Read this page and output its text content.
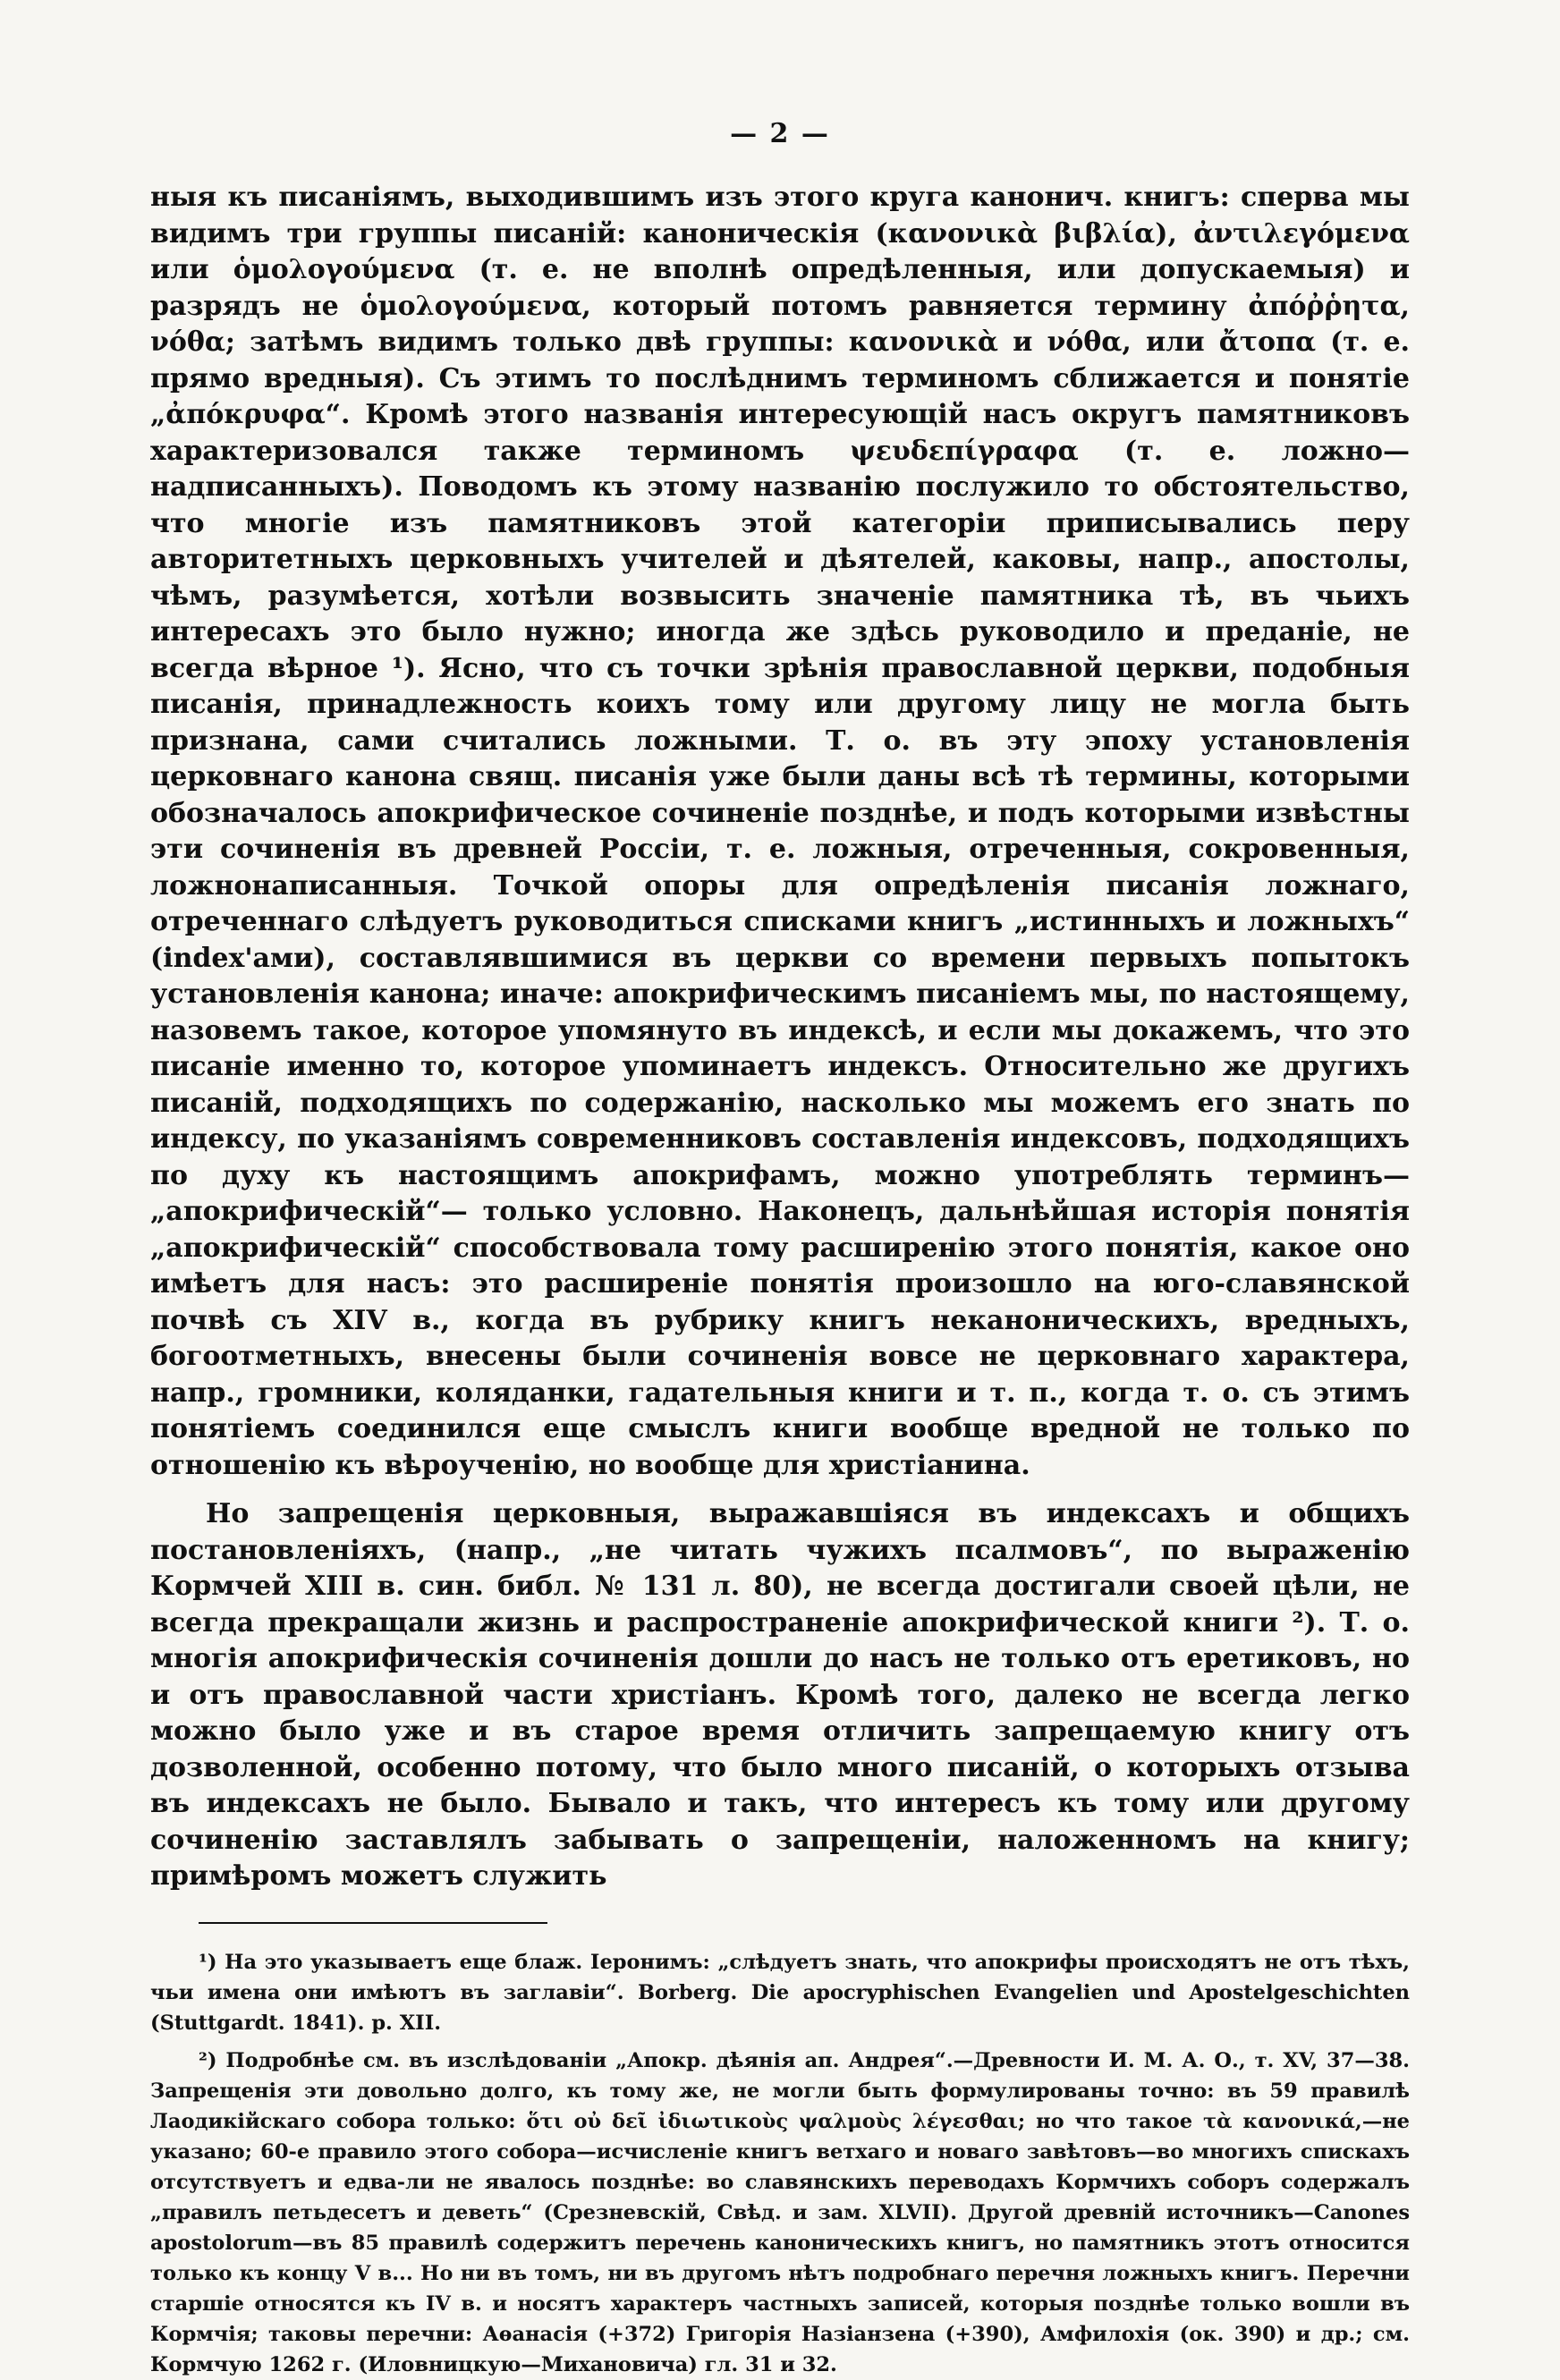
— 2 —

ныя къ писаніямъ, выходившимъ изъ этого круга канонич. книгъ: сперва мы видимъ три группы писаній: каноническія (κανονικὰ βιβλία), ἀντιλεγόμενα или ὁμολογούμενα (т. е. не вполнѣ опредѣленныя, или допускаемыя) и разрядъ не ὁμολογούμενα, который потомъ равняется термину ἀπόῤῥητα, νόθα; затѣмъ видимъ только двѣ группы: κανονικὰ и νόθα, или ἄτοπα (т. е. прямо вредныя). Съ этимъ то послѣднимъ терминомъ сближается и понятіе „ἀπόκρυφα“. Кромѣ этого названія интересующій насъ округъ памятниковъ характеризовался также терминомъ ψευδεπίγραφα (т. е. ложно—надписанныхъ). Поводомъ къ этому названію послужило то обстоятельство, что многіе изъ памятниковъ этой категоріи приписывались перу авторитетныхъ церковныхъ учителей и дѣятелей, каковы, напр., апостолы, чѣмъ, разумѣется, хотѣли возвысить значеніе памятника тѣ, въ чьихъ интересахъ это было нужно; иногда же здѣсь руководило и преданіе, не всегда вѣрное ¹). Ясно, что съ точки зрѣнія православной церкви, подобныя писанія, принадлежность коихъ тому или другому лицу не могла быть признана, сами считались ложными. Т. о. въ эту эпоху установленія церковнаго канона свящ. писанія уже были даны всѣ тѣ термины, которыми обозначалось апокрифическое сочиненіе позднѣе, и подъ которыми извѣстны эти сочиненія въ древней Россіи, т. е. ложныя, отреченныя, сокровенныя, ложнонаписанныя. Точкой опоры для опредѣленія писанія ложнаго, отреченнаго слѣдуетъ руководиться списками книгъ „истинныхъ и ложныхъ“ (index'ами), составлявшимися въ церкви со времени первыхъ попытокъ установленія канона; иначе: апокрифическимъ писаніемъ мы, по настоящему, назовемъ такое, которое упомянуто въ индексѣ, и если мы докажемъ, что это писаніе именно то, которое упоминаетъ индексъ. Относительно же другихъ писаній, подходящихъ по содержанію, насколько мы можемъ его знать по индексу, по указаніямъ современниковъ составленія индексовъ, подходящихъ по духу къ настоящимъ апокрифамъ, можно употреблять терминъ—„апокрифическій“— только условно. Наконецъ, дальнѣйшая исторія понятія „апокрифическій“ способствовала тому расширенію этого понятія, какое оно имѣетъ для насъ: это расширеніе понятія произошло на юго-славянской почвѣ съ XIV в., когда въ рубрику книгъ неканоническихъ, вредныхъ, богоотметныхъ, внесены были сочиненія вовсе не церковнаго характера, напр., громники, коляданки, гадательныя книги и т. п., когда т. о. съ этимъ понятіемъ соединился еще смыслъ книги вообще вредной не только по отношенію къ вѣроученію, но вообще для христіанина.

Но запрещенія церковныя, выражавшіяся въ индексахъ и общихъ постановленіяхъ, (напр., „не читать чужихъ псалмовъ“, по выраженію Кормчей XIII в. син. библ. № 131 л. 80), не всегда достигали своей цѣли, не всегда прекращали жизнь и распространеніе апокрифической книги ²). Т. о. многія апокрифическія сочиненія дошли до насъ не только отъ еретиковъ, но и отъ православной части христіанъ. Кромѣ того, далеко не всегда легко можно было уже и въ старое время отличить запрещаемую книгу отъ дозволенной, особенно потому, что было много писаній, о которыхъ отзыва въ индексахъ не было. Бывало и такъ, что интересъ къ тому или другому сочиненію заставлялъ забывать о запрещеніи, наложенномъ на книгу; примѣромъ можетъ служить

¹) На это указываетъ еще блаж. Іеронимъ: „слѣдуетъ знать, что апокрифы происходятъ не отъ тѣхъ, чьи имена они имѣютъ въ заглавіи“. Borberg. Die apocryphischen Evangelien und Apostelgeschichten (Stuttgardt. 1841). p. XII.

²) Подробнѣе см. въ изслѣдованіи „Апокр. дѣянія ап. Андрея“.—Древности И. М. А. О., т. XV, 37—38. Запрещенія эти довольно долго, къ тому же, не могли быть формулированы точно: въ 59 правилѣ Лаодикійскаго собора только: ὅτι οὐ δεῖ ἰδιωτικοὺς ψαλμοὺς λέγεσθαι; но что такое τὰ κανονικά,—не указано; 60-е правило этого собора—исчисленіе книгъ ветхаго и новаго завѣтовъ—во многихъ спискахъ отсутствуетъ и едва-ли не явалось позднѣе: во славянскихъ переводахъ Кормчихъ соборъ содержалъ „правилъ петьдесетъ и деветь“ (Срезневскій, Свѣд. и зам. XLVII). Другой древній источникъ—Canones apostolorum—въ 85 правилѣ содержитъ перечень каноническихъ книгъ, но памятникъ этотъ относится только къ концу V в... Но ни въ томъ, ни въ другомъ нѣтъ подробнаго перечня ложныхъ книгъ. Перечни старшіе относятся къ IV в. и носятъ характеръ частныхъ записей, которыя позднѣе только вошли въ Кормчія; таковы перечни: Аѳанасія (+372) Григорія Назіанзена (+390), Амфилохія (ок. 390) и др.; см. Кормчую 1262 г. (Иловницкую—Михановича) гл. 31 и 32.
